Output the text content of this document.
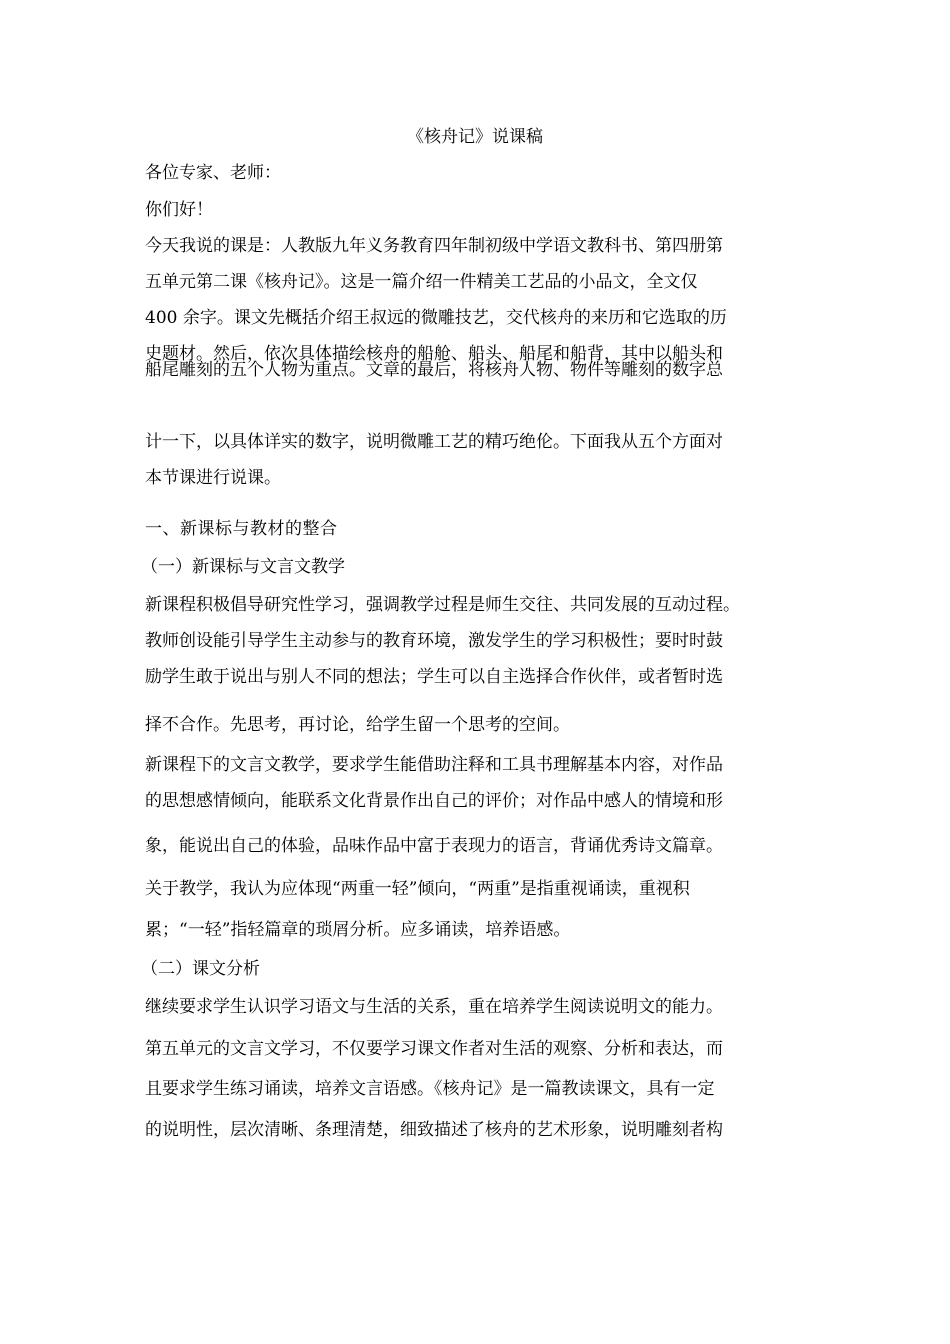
《核舟记》说课稿
各位专家、老师：
你们好！
今天我说的课是：人教版九年义务教育四年制初级中学语文教科书、第四册第
五单元第二课《核舟记》。这是一篇介绍一件精美工艺品的小品文，全文仅
400 余字。课文先概括介绍王叔远的微雕技艺，交代核舟的来历和它选取的历
史题材。然后，依次具体描绘核舟的船舱、船头、船尾和船背，其中以船头和
船尾雕刻的五个人物为重点。文章的最后，将核舟人物、物件等雕刻的数字总
计一下，以具体详实的数字，说明微雕工艺的精巧绝伦。下面我从五个方面对
本节课进行说课。
一、新课标与教材的整合
（一）新课标与文言文教学
新课程积极倡导研究性学习，强调教学过程是师生交往、共同发展的互动过程。
教师创设能引导学生主动参与的教育环境，激发学生的学习积极性；要时时鼓
励学生敢于说出与别人不同的想法；学生可以自主选择合作伙伴，或者暂时选
择不合作。先思考，再讨论，给学生留一个思考的空间。
新课程下的文言文教学，要求学生能借助注释和工具书理解基本内容，对作品
的思想感情倾向，能联系文化背景作出自己的评价；对作品中感人的情境和形
象，能说出自己的体验，品味作品中富于表现力的语言，背诵优秀诗文篇章。
关于教学，我认为应体现“两重一轻”倾向，“两重”是指重视诵读，重视积
累；“一轻”指轻篇章的琐屑分析。应多诵读，培养语感。
（二）课文分析
继续要求学生认识学习语文与生活的关系，重在培养学生阅读说明文的能力。
第五单元的文言文学习，不仅要学习课文作者对生活的观察、分析和表达，而
且要求学生练习诵读，培养文言语感。《核舟记》是一篇教读课文，具有一定
的说明性，层次清晰、条理清楚，细致描述了核舟的艺术形象，说明雕刻者构
